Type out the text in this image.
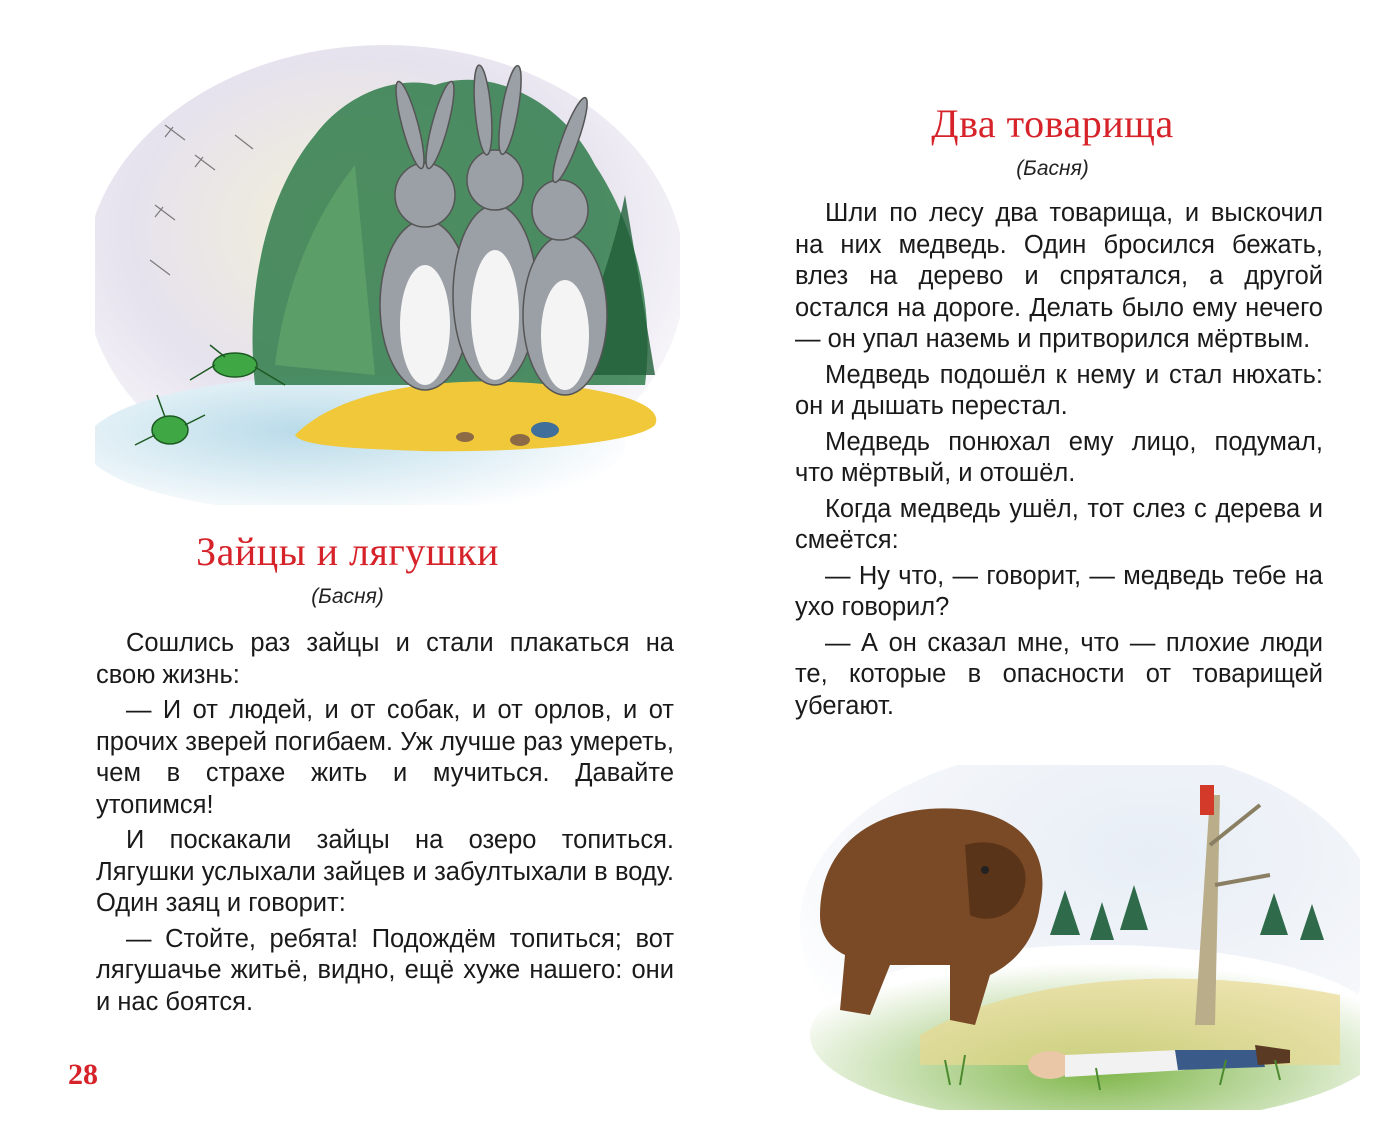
Зайцы и лягушки
(Басня)

Сошлись раз зайцы и стали плакаться на свою жизнь:

— И от людей, и от собак, и от орлов, и от прочих зверей погибаем. Уж лучше раз умереть, чем в страхе жить и мучиться. Давайте утопимся!

И поскакали зайцы на озеро топиться. Лягушки услыхали зайцев и забултыхали в воду. Один заяц и говорит:

— Стойте, ребята! Подождём топиться; вот лягушачье житьё, видно, ещё хуже нашего: они и нас боятся.

28
Два товарища
(Басня)

Шли по лесу два товарища, и выскочил на них медведь. Один бросился бежать, влез на дерево и спрятался, а другой остался на дороге. Делать было ему нечего — он упал наземь и притворился мёртвым.

Медведь подошёл к нему и стал нюхать: он и дышать перестал.

Медведь понюхал ему лицо, подумал, что мёртвый, и отошёл.

Когда медведь ушёл, тот слез с дерева и смеётся:

— Ну что, — говорит, — медведь тебе на ухо говорил?

— А он сказал мне, что — плохие люди те, которые в опасности от товарищей убегают.
